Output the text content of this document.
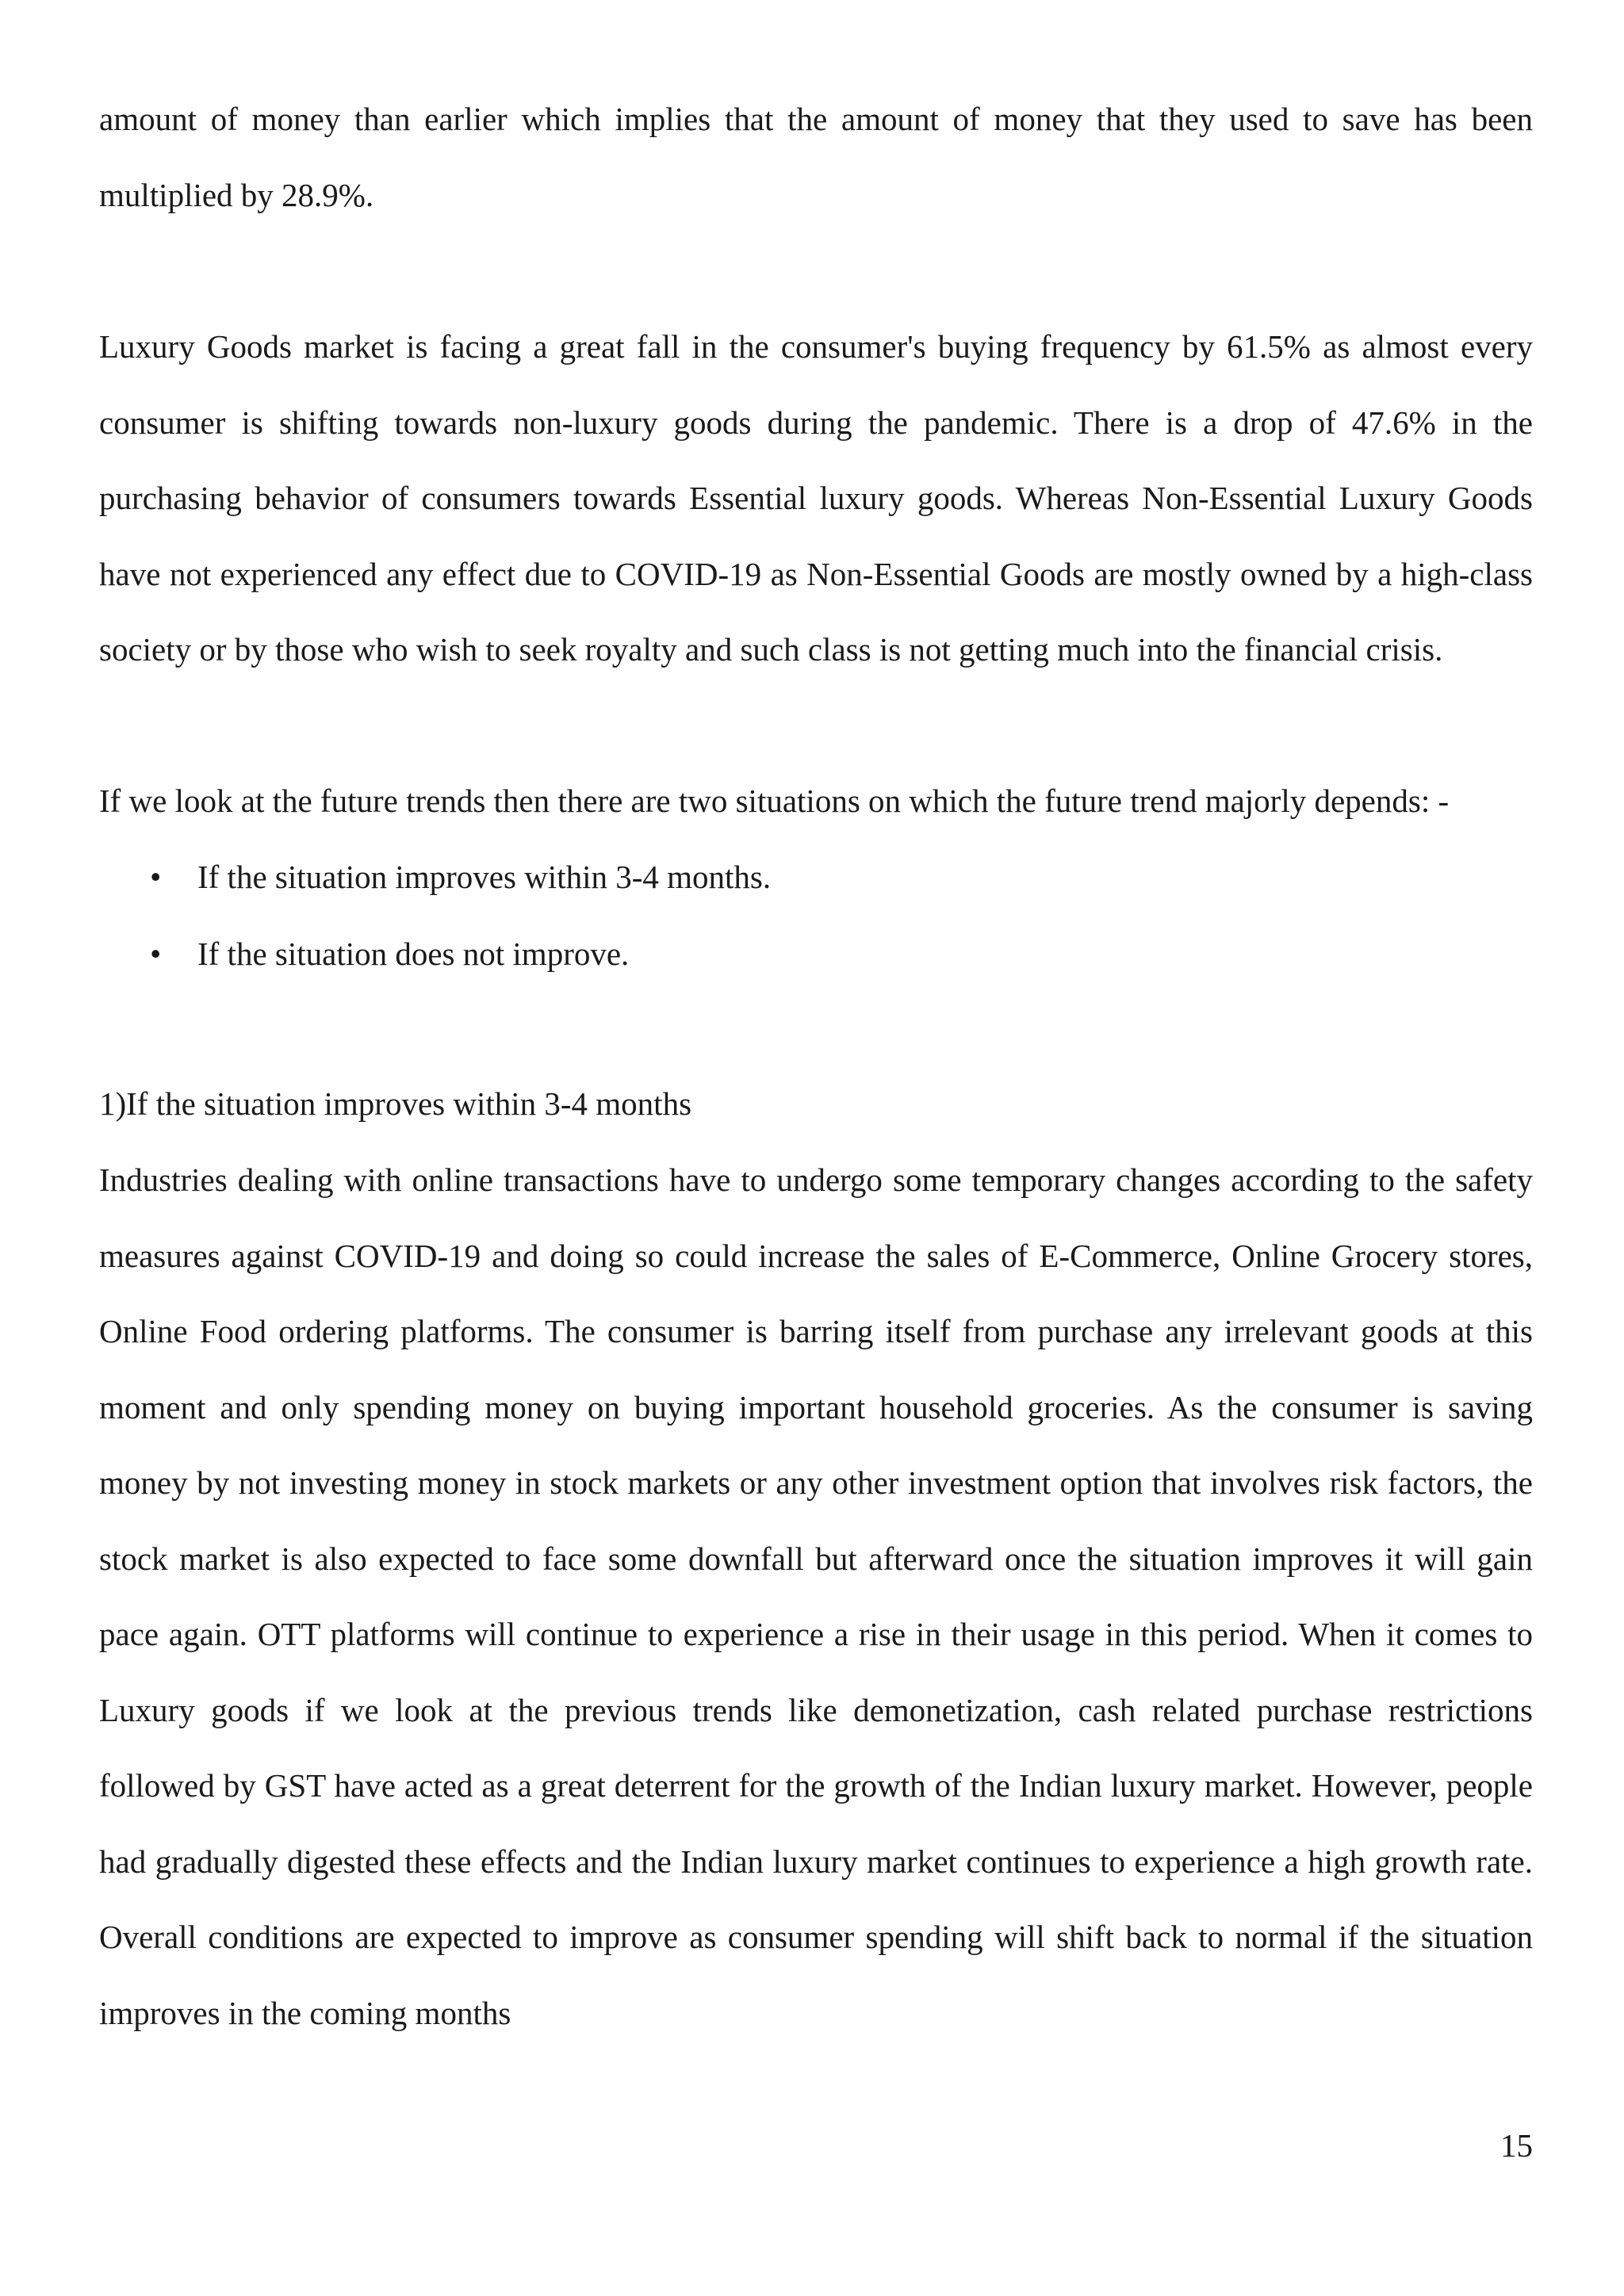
amount of money than earlier which implies that the amount of money that they used to save has been multiplied by 28.9%.

Luxury Goods market is facing a great fall in the consumer's buying frequency by 61.5% as almost every consumer is shifting towards non-luxury goods during the pandemic. There is a drop of 47.6% in the purchasing behavior of consumers towards Essential luxury goods. Whereas Non-Essential Luxury Goods have not experienced any effect due to COVID-19 as Non-Essential Goods are mostly owned by a high-class society or by those who wish to seek royalty and such class is not getting much into the financial crisis.

If we look at the future trends then there are two situations on which the future trend majorly depends: -

• If the situation improves within 3-4 months.
• If the situation does not improve.
1)If the situation improves within 3-4 months

Industries dealing with online transactions have to undergo some temporary changes according to the safety measures against COVID-19 and doing so could increase the sales of E-Commerce, Online Grocery stores, Online Food ordering platforms. The consumer is barring itself from purchase any irrelevant goods at this moment and only spending money on buying important household groceries. As the consumer is saving money by not investing money in stock markets or any other investment option that involves risk factors, the stock market is also expected to face some downfall but afterward once the situation improves it will gain pace again. OTT platforms will continue to experience a rise in their usage in this period. When it comes to Luxury goods if we look at the previous trends like demonetization, cash related purchase restrictions followed by GST have acted as a great deterrent for the growth of the Indian luxury market. However, people had gradually digested these effects and the Indian luxury market continues to experience a high growth rate. Overall conditions are expected to improve as consumer spending will shift back to normal if the situation improves in the coming months

15
